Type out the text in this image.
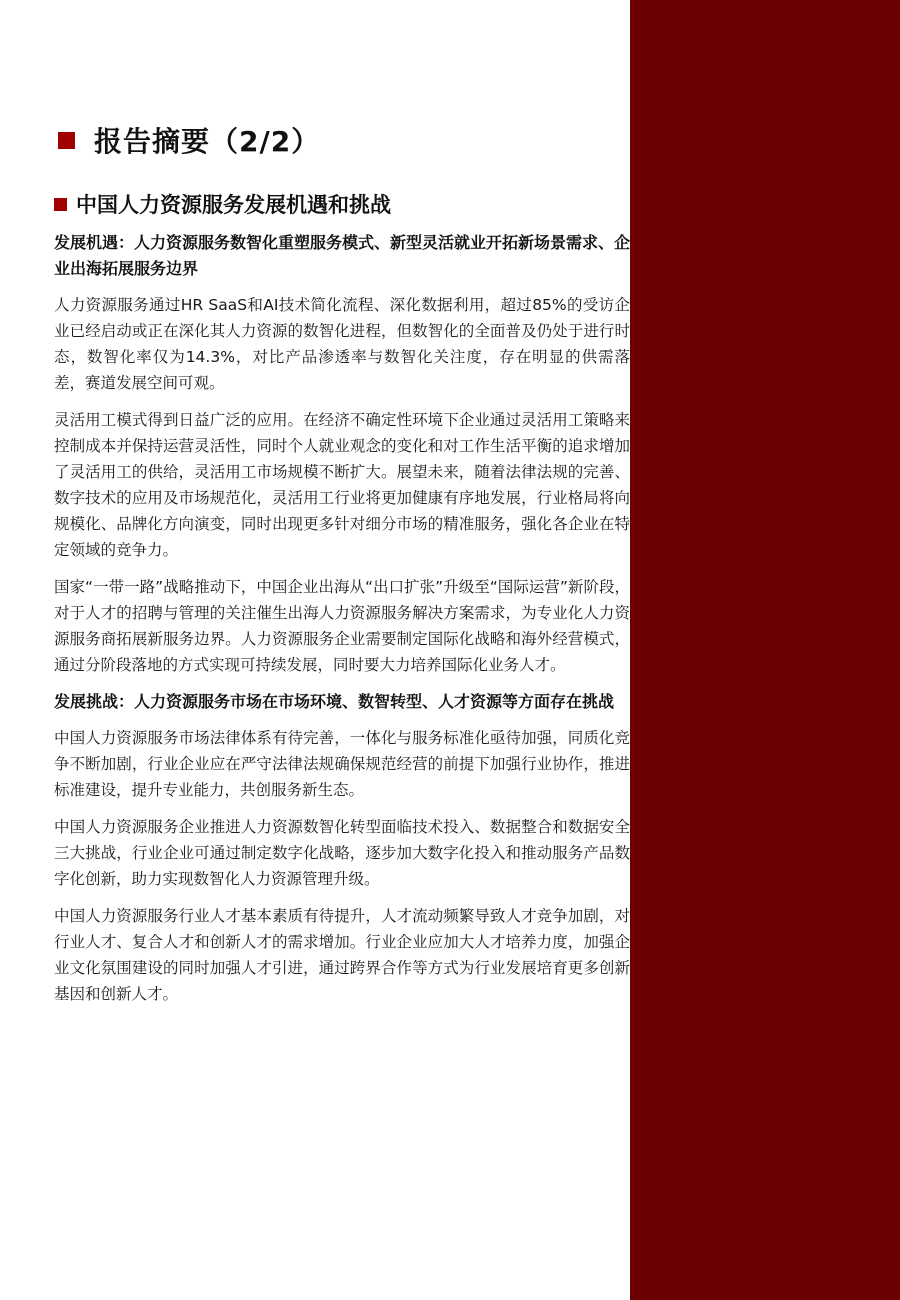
报告摘要（2/2）
中国人力资源服务发展机遇和挑战
发展机遇：人力资源服务数智化重塑服务模式、新型灵活就业开拓新场景需求、企业出海拓展服务边界

人力资源服务通过HR SaaS和AI技术简化流程、深化数据利用，超过85%的受访企业已经启动或正在深化其人力资源的数智化进程，但数智化的全面普及仍处于进行时态，数智化率仅为14.3%，对比产品渗透率与数智化关注度，存在明显的供需落差，赛道发展空间可观。

灵活用工模式得到日益广泛的应用。在经济不确定性环境下企业通过灵活用工策略来控制成本并保持运营灵活性，同时个人就业观念的变化和对工作生活平衡的追求增加了灵活用工的供给，灵活用工市场规模不断扩大。展望未来，随着法律法规的完善、数字技术的应用及市场规范化，灵活用工行业将更加健康有序地发展，行业格局将向规模化、品牌化方向演变，同时出现更多针对细分市场的精准服务，强化各企业在特定领域的竞争力。

国家“一带一路”战略推动下，中国企业出海从“出口扩张”升级至“国际运营”新阶段，对于人才的招聘与管理的关注催生出海人力资源服务解决方案需求，为专业化人力资源服务商拓展新服务边界。人力资源服务企业需要制定国际化战略和海外经营模式，通过分阶段落地的方式实现可持续发展，同时要大力培养国际化业务人才。

发展挑战：人力资源服务市场在市场环境、数智转型、人才资源等方面存在挑战

中国人力资源服务市场法律体系有待完善，一体化与服务标准化亟待加强，同质化竞争不断加剧，行业企业应在严守法律法规确保规范经营的前提下加强行业协作，推进标准建设，提升专业能力，共创服务新生态。

中国人力资源服务企业推进人力资源数智化转型面临技术投入、数据整合和数据安全三大挑战，行业企业可通过制定数字化战略，逐步加大数字化投入和推动服务产品数字化创新，助力实现数智化人力资源管理升级。

中国人力资源服务行业人才基本素质有待提升，人才流动频繁导致人才竞争加剧，对行业人才、复合人才和创新人才的需求增加。行业企业应加大人才培养力度，加强企业文化氛围建设的同时加强人才引进，通过跨界合作等方式为行业发展培育更多创新基因和创新人才。
